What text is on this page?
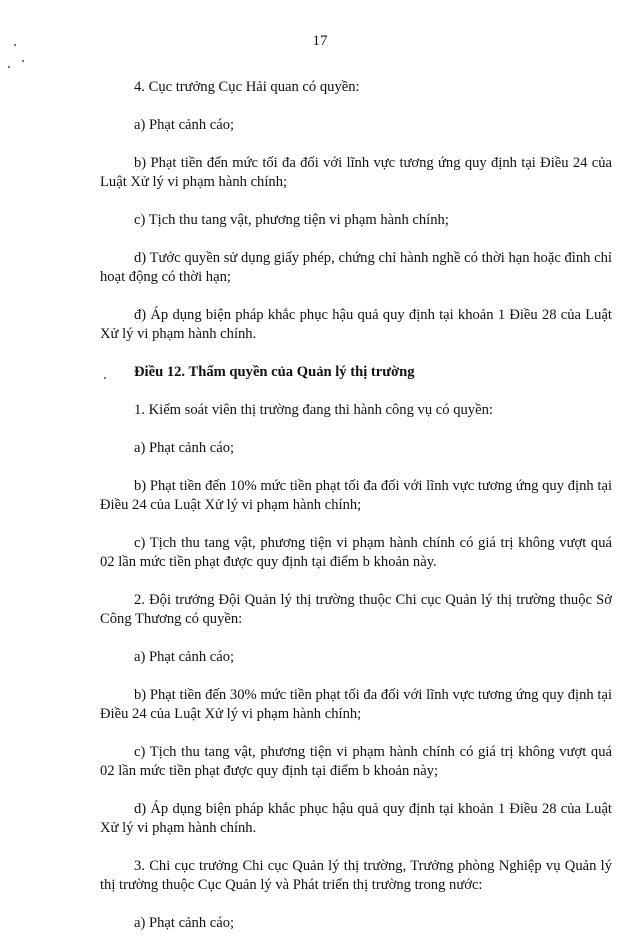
17

4. Cục trưởng Cục Hải quan có quyền:

a) Phạt cảnh cáo;

b) Phạt tiền đến mức tối đa đối với lĩnh vực tương ứng quy định tại Điều 24 của Luật Xử lý vi phạm hành chính;

c) Tịch thu tang vật, phương tiện vi phạm hành chính;

d) Tước quyền sử dụng giấy phép, chứng chỉ hành nghề có thời hạn hoặc đình chỉ hoạt động có thời hạn;

đ) Áp dụng biện pháp khắc phục hậu quả quy định tại khoản 1 Điều 28 của Luật Xử lý vi phạm hành chính.

Điều 12. Thẩm quyền của Quản lý thị trường

1. Kiểm soát viên thị trường đang thi hành công vụ có quyền:

a) Phạt cảnh cáo;

b) Phạt tiền đến 10% mức tiền phạt tối đa đối với lĩnh vực tương ứng quy định tại Điều 24 của Luật Xử lý vi phạm hành chính;

c) Tịch thu tang vật, phương tiện vi phạm hành chính có giá trị không vượt quá 02 lần mức tiền phạt được quy định tại điểm b khoản này.

2. Đội trưởng Đội Quản lý thị trường thuộc Chi cục Quản lý thị trường thuộc Sở Công Thương có quyền:

a) Phạt cảnh cáo;

b) Phạt tiền đến 30% mức tiền phạt tối đa đối với lĩnh vực tương ứng quy định tại Điều 24 của Luật Xử lý vi phạm hành chính;

c) Tịch thu tang vật, phương tiện vi phạm hành chính có giá trị không vượt quá 02 lần mức tiền phạt được quy định tại điểm b khoản này;

d) Áp dụng biện pháp khắc phục hậu quả quy định tại khoản 1 Điều 28 của Luật Xử lý vi phạm hành chính.

3. Chi cục trưởng Chi cục Quản lý thị trường, Trưởng phòng Nghiệp vụ Quản lý thị trường thuộc Cục Quản lý và Phát triển thị trường trong nước:

a) Phạt cảnh cáo;
